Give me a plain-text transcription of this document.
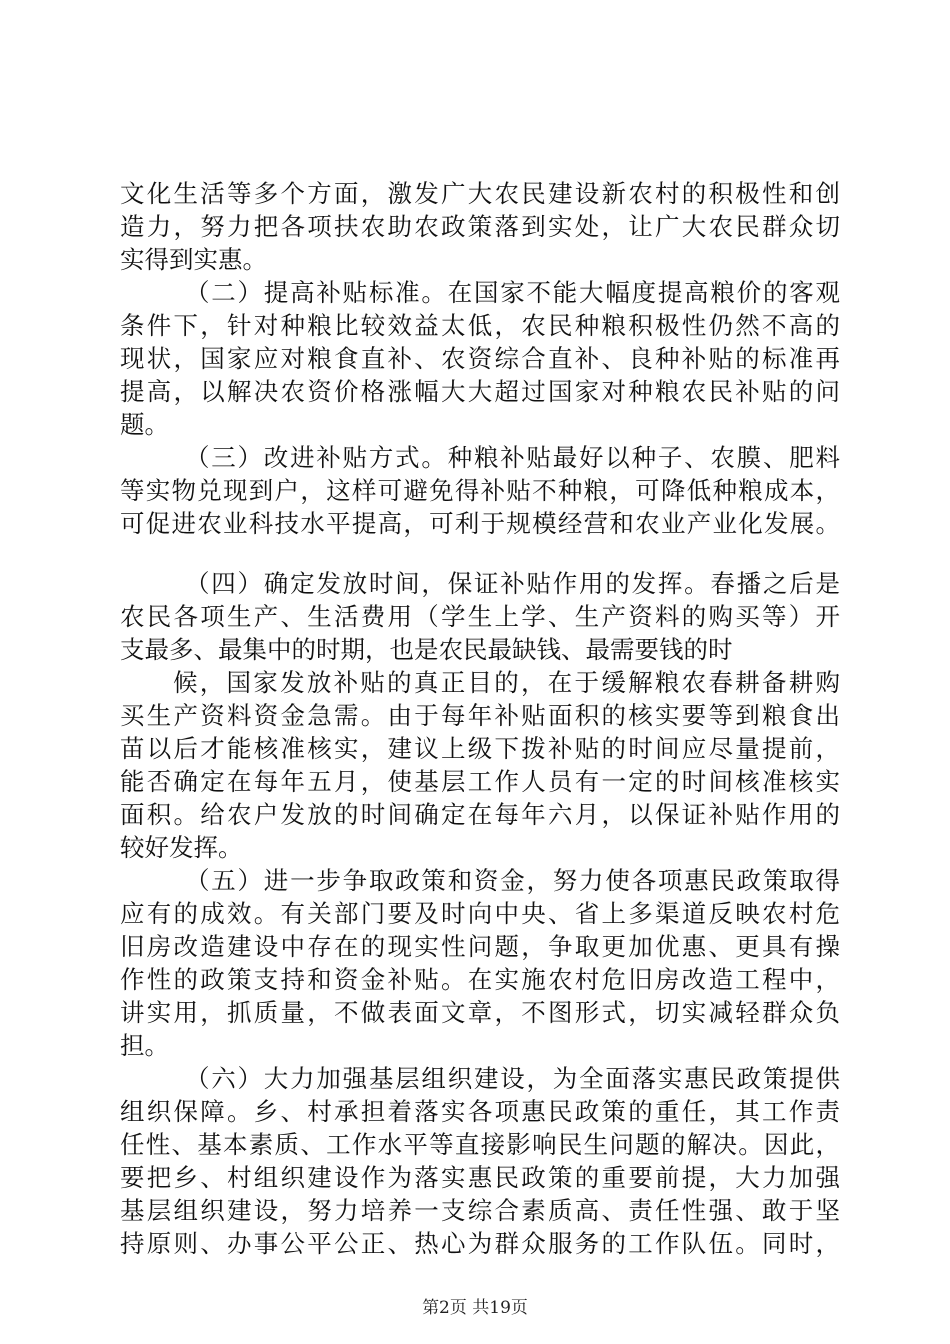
文化生活等多个方面，激发广大农民建设新农村的积极性和创
造力，努力把各项扶农助农政策落到实处，让广大农民群众切
实得到实惠。
（二）提高补贴标准。在国家不能大幅度提高粮价的客观
条件下，针对种粮比较效益太低，农民种粮积极性仍然不高的
现状，国家应对粮食直补、农资综合直补、良种补贴的标准再
提高，以解决农资价格涨幅大大超过国家对种粮农民补贴的问
题。
（三）改进补贴方式。种粮补贴最好以种子、农膜、肥料
等实物兑现到户，这样可避免得补贴不种粮，可降低种粮成本，
可促进农业科技水平提高，可利于规模经营和农业产业化发展。
（四）确定发放时间，保证补贴作用的发挥。春播之后是
农民各项生产、生活费用（学生上学、生产资料的购买等）开
支最多、最集中的时期，也是农民最缺钱、最需要钱的时
候，国家发放补贴的真正目的，在于缓解粮农春耕备耕购
买生产资料资金急需。由于每年补贴面积的核实要等到粮食出
苗以后才能核准核实，建议上级下拨补贴的时间应尽量提前，
能否确定在每年五月，使基层工作人员有一定的时间核准核实
面积。给农户发放的时间确定在每年六月，以保证补贴作用的
较好发挥。
（五）进一步争取政策和资金，努力使各项惠民政策取得
应有的成效。有关部门要及时向中央、省上多渠道反映农村危
旧房改造建设中存在的现实性问题，争取更加优惠、更具有操
作性的政策支持和资金补贴。在实施农村危旧房改造工程中，
讲实用，抓质量，不做表面文章，不图形式，切实减轻群众负
担。
（六）大力加强基层组织建设，为全面落实惠民政策提供
组织保障。乡、村承担着落实各项惠民政策的重任，其工作责
任性、基本素质、工作水平等直接影响民生问题的解决。因此，
要把乡、村组织建设作为落实惠民政策的重要前提，大力加强
基层组织建设，努力培养一支综合素质高、责任性强、敢于坚
持原则、办事公平公正、热心为群众服务的工作队伍。同时，
第2页 共19页
